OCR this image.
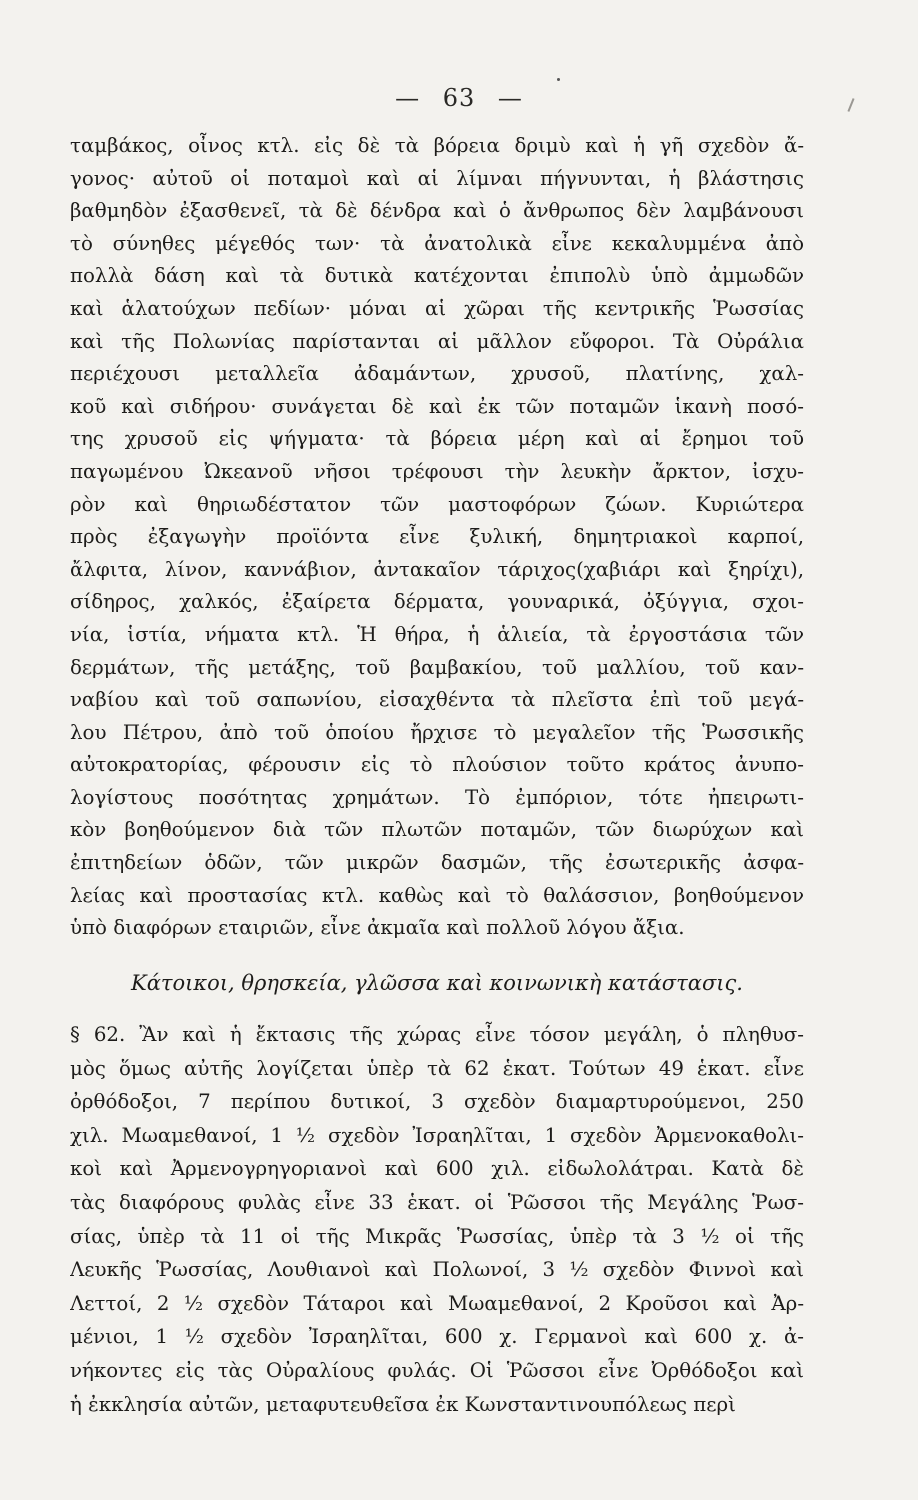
— 63 —
ταμβάκος, οἶνος κτλ. εἰς δὲ τὰ βόρεια δριμὺ καὶ ἡ γῆ σχεδὸν ἄ-
γονος· αὐτοῦ οἱ ποταμοὶ καὶ αἱ λίμναι πήγνυνται, ἡ βλάστησις
βαθμηδὸν ἐξασθενεῖ, τὰ δὲ δένδρα καὶ ὁ ἄνθρωπος δὲν λαμβάνουσι
τὸ σύνηθες μέγεθός των· τὰ ἀνατολικὰ εἶνε κεκαλυμμένα ἀπὸ
πολλὰ δάση καὶ τὰ δυτικὰ κατέχονται ἐπιπολὺ ὑπὸ ἀμμωδῶν
καὶ ἁλατούχων πεδίων· μόναι αἱ χῶραι τῆς κεντρικῆς Ῥωσσίας
καὶ τῆς Πολωνίας παρίστανται αἱ μᾶλλον εὔφοροι. Τὰ Οὐράλια
περιέχουσι μεταλλεῖα ἀδαμάντων, χρυσοῦ, πλατίνης, χαλ-
κοῦ καὶ σιδήρου· συνάγεται δὲ καὶ ἐκ τῶν ποταμῶν ἱκανὴ ποσό-
της χρυσοῦ εἰς ψήγματα· τὰ βόρεια μέρη καὶ αἱ ἔρημοι τοῦ
παγωμένου Ὠκεανοῦ νῆσοι τρέφουσι τὴν λευκὴν ἄρκτον, ἰσχυ-
ρὸν καὶ θηριωδέστατον τῶν μαστοφόρων ζώων. Κυριώτερα
πρὸς ἐξαγωγὴν προϊόντα εἶνε ξυλική, δημητριακοὶ καρποί,
ἄλφιτα, λίνον, καννάβιον, ἀντακαῖον τάριχος(χαβιάρι καὶ ξηρίχι),
σίδηρος, χαλκός, ἐξαίρετα δέρματα, γουναρικά, ὀξύγγια, σχοι-
νία, ἱστία, νήματα κτλ. Ἡ θήρα, ἡ ἁλιεία, τὰ ἐργοστάσια τῶν
δερμάτων, τῆς μετάξης, τοῦ βαμβακίου, τοῦ μαλλίου, τοῦ καν-
ναβίου καὶ τοῦ σαπωνίου, εἰσαχθέντα τὰ πλεῖστα ἐπὶ τοῦ μεγά-
λου Πέτρου, ἀπὸ τοῦ ὁποίου ἤρχισε τὸ μεγαλεῖον τῆς Ῥωσσικῆς
αὐτοκρατορίας, φέρουσιν εἰς τὸ πλούσιον τοῦτο κράτος ἀνυπο-
λογίστους ποσότητας χρημάτων. Τὸ ἐμπόριον, τότε ἠπειρωτι-
κὸν βοηθούμενον διὰ τῶν πλωτῶν ποταμῶν, τῶν διωρύχων καὶ
ἐπιτηδείων ὁδῶν, τῶν μικρῶν δασμῶν, τῆς ἐσωτερικῆς ἀσφα-
λείας καὶ προστασίας κτλ. καθὼς καὶ τὸ θαλάσσιον, βοηθούμενον
ὑπὸ διαφόρων εταιριῶν, εἶνε ἀκμαῖα καὶ πολλοῦ λόγου ἄξια.
Κάτοικοι, θρησκεία, γλῶσσα καὶ κοινωνικὴ κατάστασις.
§ 62. Ἂν καὶ ἡ ἔκτασις τῆς χώρας εἶνε τόσον μεγάλη, ὁ πληθυσ-
μὸς ὅμως αὐτῆς λογίζεται ὑπὲρ τὰ 62 ἑκατ. Τούτων 49 ἑκατ. εἶνε
ὀρθόδοξοι, 7 περίπου δυτικοί, 3 σχεδὸν διαμαρτυρούμενοι, 250
χιλ. Μωαμεθανοί, 1 ½ σχεδὸν Ἰσραηλῖται, 1 σχεδὸν Ἀρμενοκαθολι-
κοὶ καὶ Ἀρμενογρηγοριανοὶ καὶ 600 χιλ. εἰδωλολάτραι. Κατὰ δὲ
τὰς διαφόρους φυλὰς εἶνε 33 ἑκατ. οἱ Ῥῶσσοι τῆς Μεγάλης Ῥωσ-
σίας, ὑπὲρ τὰ 11 οἱ τῆς Μικρᾶς Ῥωσσίας, ὑπὲρ τὰ 3 ½ οἱ τῆς
Λευκῆς Ῥωσσίας, Λουθιανοὶ καὶ Πολωνοί, 3 ½ σχεδὸν Φιννοὶ καὶ
Λεττοί, 2 ½ σχεδὸν Τάταροι καὶ Μωαμεθανοί, 2 Κροῦσοι καὶ Ἀρ-
μένιοι, 1 ½ σχεδὸν Ἰσραηλῖται, 600 χ. Γερμανοὶ καὶ 600 χ. ἀ-
νήκοντες εἰς τὰς Οὐραλίους φυλάς. Οἱ Ῥῶσσοι εἶνε Ὀρθόδοξοι καὶ
ἡ ἐκκλησία αὐτῶν, μεταφυτευθεῖσα ἐκ Κωνσταντινουπόλεως περὶ
